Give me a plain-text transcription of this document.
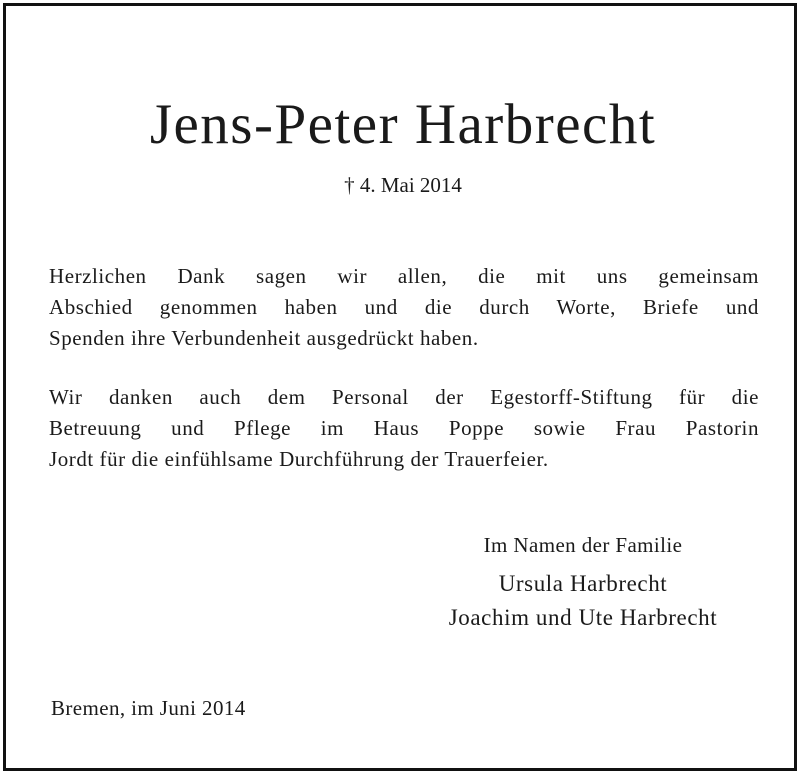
Jens-Peter Harbrecht
† 4. Mai 2014
Herzlichen Dank sagen wir allen, die mit uns gemeinsam
Abschied genommen haben und die durch Worte, Briefe und
Spenden ihre Verbundenheit ausgedrückt haben.
Wir danken auch dem Personal der Egestorff-Stiftung für die
Betreuung und Pflege im Haus Poppe sowie Frau Pastorin
Jordt für die einfühlsame Durchführung der Trauerfeier.
Im Namen der Familie
Ursula Harbrecht
Joachim und Ute Harbrecht
Bremen, im Juni 2014
